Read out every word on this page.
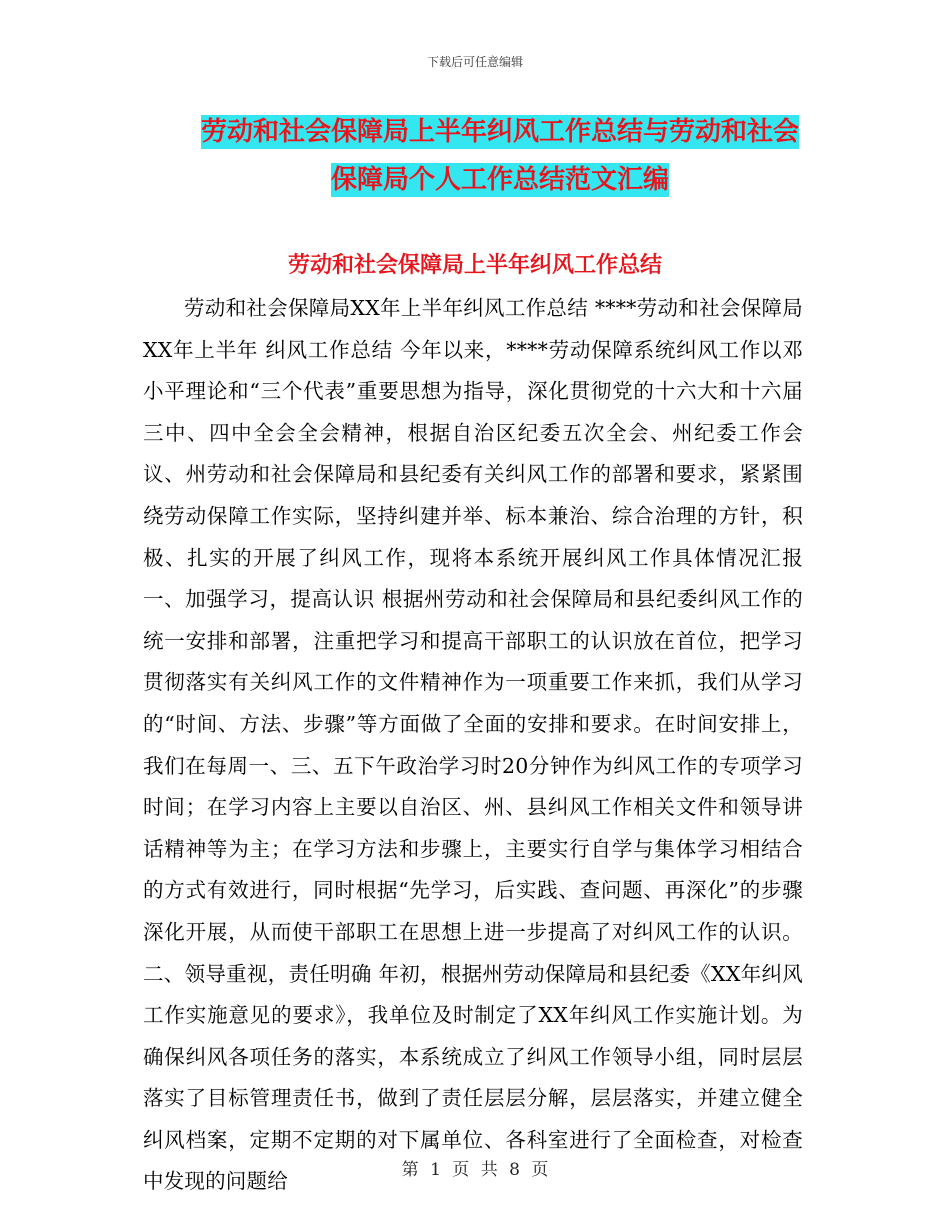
下载后可任意编辑
劳动和社会保障局上半年纠风工作总结与劳动和社会
保障局个人工作总结范文汇编
劳动和社会保障局上半年纠风工作总结

劳动和社会保障局XX年上半年纠风工作总结 ****劳动和社会保障局XX年上半年 纠风工作总结 今年以来，****劳动保障系统纠风工作以邓小平理论和“三个代表”重要思想为指导，深化贯彻党的十六大和十六届三中、四中全会全会精神，根据自治区纪委五次全会、州纪委工作会议、州劳动和社会保障局和县纪委有关纠风工作的部署和要求，紧紧围绕劳动保障工作实际，坚持纠建并举、标本兼治、综合治理的方针，积极、扎实的开展了纠风工作，现将本系统开展纠风工作具体情况汇报 一、加强学习，提高认识 根据州劳动和社会保障局和县纪委纠风工作的统一安排和部署，注重把学习和提高干部职工的认识放在首位，把学习贯彻落实有关纠风工作的文件精神作为一项重要工作来抓，我们从学习的“时间、方法、步骤”等方面做了全面的安排和要求。在时间安排上，我们在每周一、三、五下午政治学习时20分钟作为纠风工作的专项学习时间；在学习内容上主要以自治区、州、县纠风工作相关文件和领导讲话精神等为主；在学习方法和步骤上，主要实行自学与集体学习相结合的方式有效进行，同时根据“先学习，后实践、查问题、再深化”的步骤深化开展，从而使干部职工在思想上进一步提高了对纠风工作的认识。 二、领导重视，责任明确 年初，根据州劳动保障局和县纪委《XX年纠风工作实施意见的要求》，我单位及时制定了XX年纠风工作实施计划。为确保纠风各项任务的落实，本系统成立了纠风工作领导小组，同时层层落实了目标管理责任书，做到了责任层层分解，层层落实，并建立健全纠风档案，定期不定期的对下属单位、各科室进行了全面检查，对检查中发现的问题给	第 1 页 共 8 页
